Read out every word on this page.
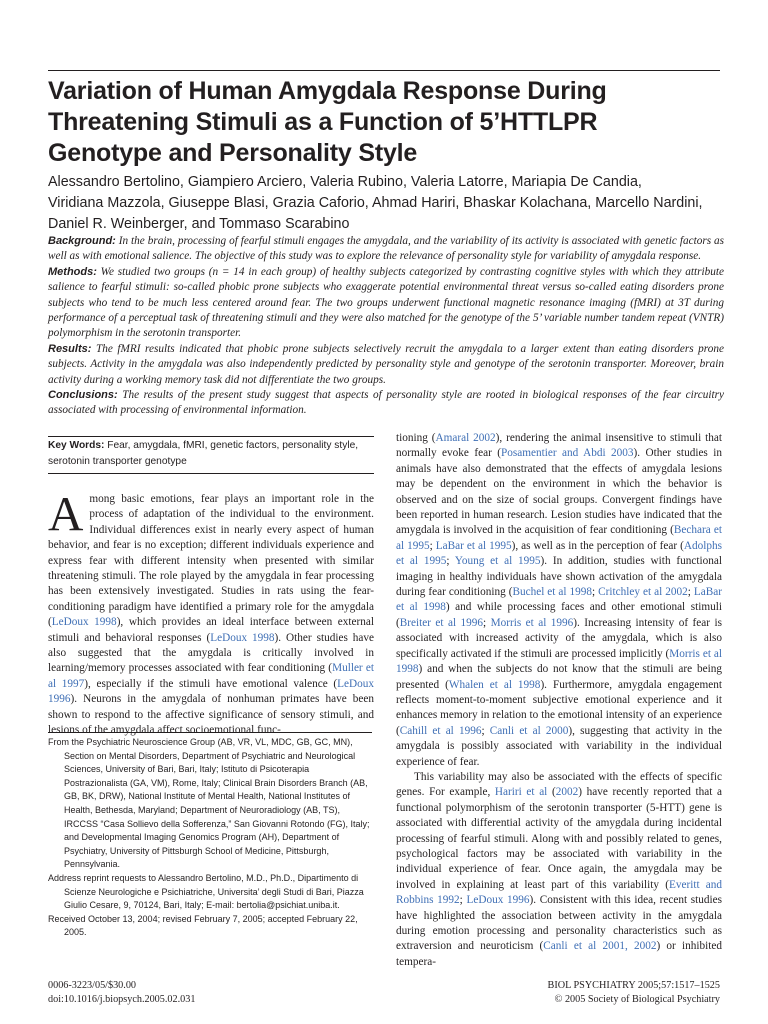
Variation of Human Amygdala Response During
Threatening Stimuli as a Function of 5’HTTLPR
Genotype and Personality Style
Alessandro Bertolino, Giampiero Arciero, Valeria Rubino, Valeria Latorre, Mariapia De Candia,
Viridiana Mazzola, Giuseppe Blasi, Grazia Caforio, Ahmad Hariri, Bhaskar Kolachana, Marcello Nardini,
Daniel R. Weinberger, and Tommaso Scarabino

Background: In the brain, processing of fearful stimuli engages the amygdala, and the variability of its activity is associated with genetic factors as well as with emotional salience. The objective of this study was to explore the relevance of personality style for variability of amygdala response.

Methods: We studied two groups (n = 14 in each group) of healthy subjects categorized by contrasting cognitive styles with which they attribute salience to fearful stimuli: so-called phobic prone subjects who exaggerate potential environmental threat versus so-called eating disorders prone subjects who tend to be much less centered around fear. The two groups underwent functional magnetic resonance imaging (fMRI) at 3T during performance of a perceptual task of threatening stimuli and they were also matched for the genotype of the 5’ variable number tandem repeat (VNTR) polymorphism in the serotonin transporter.

Results: The fMRI results indicated that phobic prone subjects selectively recruit the amygdala to a larger extent than eating disorders prone subjects. Activity in the amygdala was also independently predicted by personality style and genotype of the serotonin transporter. Moreover, brain activity during a working memory task did not differentiate the two groups.

Conclusions: The results of the present study suggest that aspects of personality style are rooted in biological responses of the fear circuitry associated with processing of environmental information.

Key Words: Fear, amygdala, fMRI, genetic factors, personality style, serotonin transporter genotype

Among basic emotions, fear plays an important role in the process of adaptation of the individual to the environment. Individual differences exist in nearly every aspect of human behavior, and fear is no exception; different individuals experience and express fear with different intensity when presented with similar threatening stimuli. The role played by the amygdala in fear processing has been extensively investigated. Studies in rats using the fear-conditioning paradigm have identified a primary role for the amygdala (LeDoux 1998), which provides an ideal interface between external stimuli and behavioral responses (LeDoux 1998). Other studies have also suggested that the amygdala is critically involved in learning/memory processes associated with fear conditioning (Muller et al 1997), especially if the stimuli have emotional valence (LeDoux 1996). Neurons in the amygdala of nonhuman primates have been shown to respond to the affective significance of sensory stimuli, and lesions of the amygdala affect socioemotional func-

From the Psychiatric Neuroscience Group (AB, VR, VL, MDC, GB, GC, MN), Section on Mental Disorders, Department of Psychiatric and Neurological Sciences, University of Bari, Bari, Italy; Istituto di Psicoterapia Postrazionalista (GA, VM), Rome, Italy; Clinical Brain Disorders Branch (AB, GB, BK, DRW), National Institute of Mental Health, National Institutes of Health, Bethesda, Maryland; Department of Neuroradiology (AB, TS), IRCCSS “Casa Sollievo della Sofferenza,” San Giovanni Rotondo (FG), Italy; and Developmental Imaging Genomics Program (AH), Department of Psychiatry, University of Pittsburgh School of Medicine, Pittsburgh, Pennsylvania.

Address reprint requests to Alessandro Bertolino, M.D., Ph.D., Dipartimento di Scienze Neurologiche e Psichiatriche, Universita’ degli Studi di Bari, Piazza Giulio Cesare, 9, 70124, Bari, Italy; E-mail: bertolia@psichiat.uniba.it.

Received October 13, 2004; revised February 7, 2005; accepted February 22, 2005.

tioning (Amaral 2002), rendering the animal insensitive to stimuli that normally evoke fear (Posamentier and Abdi 2003). Other studies in animals have also demonstrated that the effects of amygdala lesions may be dependent on the environment in which the behavior is observed and on the size of social groups. Convergent findings have been reported in human research. Lesion studies have indicated that the amygdala is involved in the acquisition of fear conditioning (Bechara et al 1995; LaBar et al 1995), as well as in the perception of fear (Adolphs et al 1995; Young et al 1995). In addition, studies with functional imaging in healthy individuals have shown activation of the amygdala during fear conditioning (Buchel et al 1998; Critchley et al 2002; LaBar et al 1998) and while processing faces and other emotional stimuli (Breiter et al 1996; Morris et al 1996). Increasing intensity of fear is associated with increased activity of the amygdala, which is also specifically activated if the stimuli are processed implicitly (Morris et al 1998) and when the subjects do not know that the stimuli are being presented (Whalen et al 1998). Furthermore, amygdala engagement reflects moment-to-moment subjective emotional experience and it enhances memory in relation to the emotional intensity of an experience (Cahill et al 1996; Canli et al 2000), suggesting that activity in the amygdala is possibly associated with variability in the individual experience of fear.

This variability may also be associated with the effects of specific genes. For example, Hariri et al (2002) have recently reported that a functional polymorphism of the serotonin transporter (5-HTT) gene is associated with differential activity of the amygdala during incidental processing of fearful stimuli. Along with and possibly related to genes, psychological factors may be associated with variability in the individual experience of fear. Once again, the amygdala may be involved in explaining at least part of this variability (Everitt and Robbins 1992; LeDoux 1996). Consistent with this idea, recent studies have highlighted the association between activity in the amygdala during emotion processing and personality characteristics such as extraversion and neuroticism (Canli et al 2001, 2002) or inhibited tempera-

0006-3223/05/$30.00
doi:10.1016/j.biopsych.2005.02.031
BIOL PSYCHIATRY 2005;57:1517–1525
© 2005 Society of Biological Psychiatry
